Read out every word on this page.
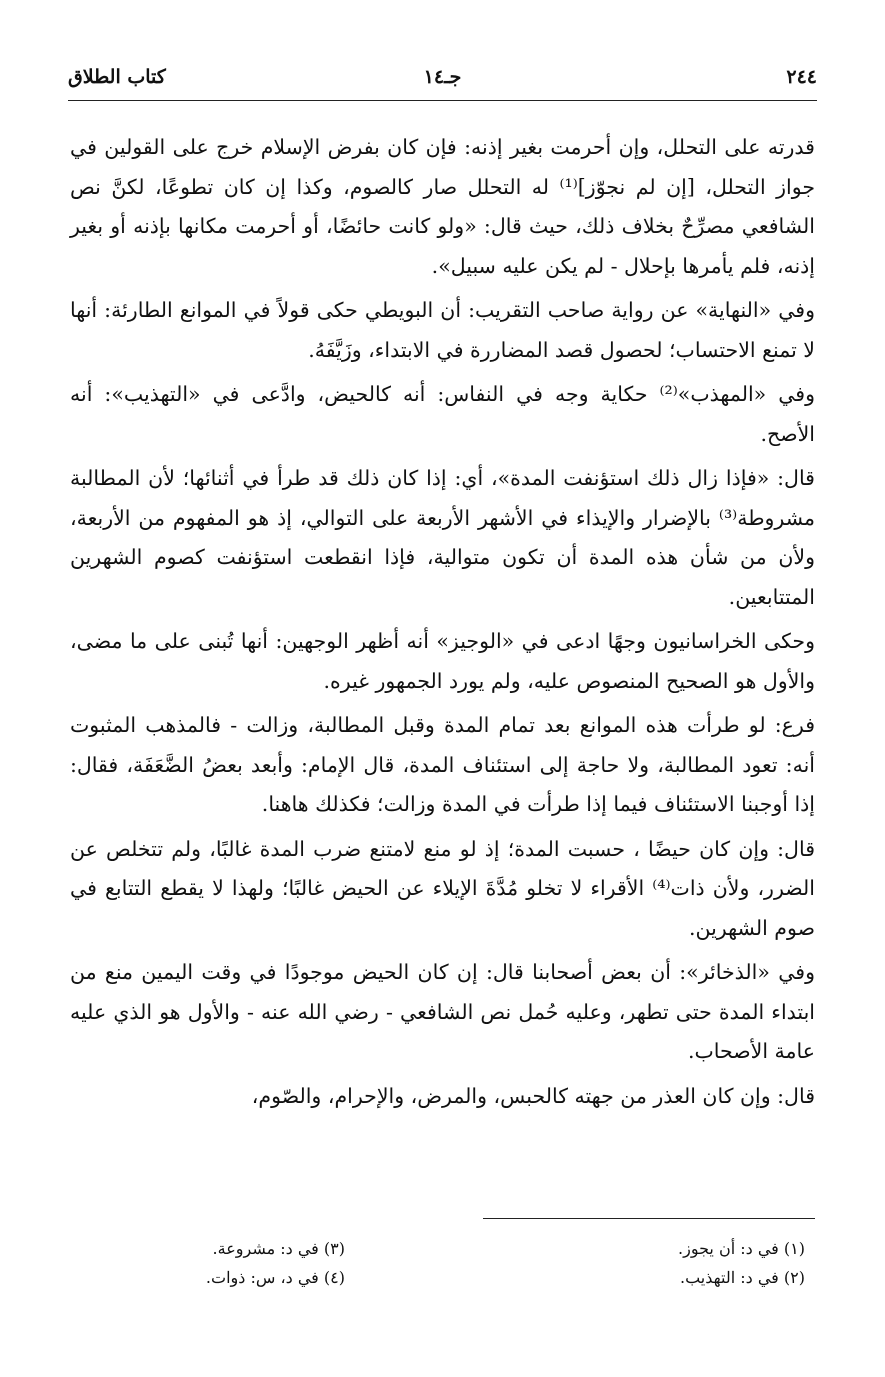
٢٤٤
جـ١٤
كتاب الطلاق

قدرته على التحلل، وإن أحرمت بغير إذنه: فإن كان بفرض الإسلام خرج على القولين في جواز التحلل، [إن لم نجوّز]⁽¹⁾ له التحلل صار كالصوم، وكذا إن كان تطوعًا، لكنَّ نص الشافعي مصرِّحٌ بخلاف ذلك، حيث قال: «ولو كانت حائضًا، أو أحرمت مكانها بإذنه أو بغير إذنه، فلم يأمرها بإحلال - لم يكن عليه سبيل».

وفي «النهاية» عن رواية صاحب التقريب: أن البويطي حكى قولاً في الموانع الطارئة: أنها لا تمنع الاحتساب؛ لحصول قصد المضاررة في الابتداء، وزَيَّفَهُ.

وفي «المهذب»⁽²⁾ حكاية وجه في النفاس: أنه كالحيض، وادَّعى في «التهذيب»: أنه الأصح.

قال: «فإذا زال ذلك استؤنفت المدة»، أي: إذا كان ذلك قد طرأ في أثنائها؛ لأن المطالبة مشروطة⁽³⁾ بالإضرار والإيذاء في الأشهر الأربعة على التوالي، إذ هو المفهوم من الأربعة، ولأن من شأن هذه المدة أن تكون متوالية، فإذا انقطعت استؤنفت كصوم الشهرين المتتابعين.

وحكى الخراسانيون وجهًا ادعى في «الوجيز» أنه أظهر الوجهين: أنها تُبنى على ما مضى، والأول هو الصحيح المنصوص عليه، ولم يورد الجمهور غيره.

فرع: لو طرأت هذه الموانع بعد تمام المدة وقبل المطالبة، وزالت - فالمذهب المثبوت أنه: تعود المطالبة، ولا حاجة إلى استئناف المدة، قال الإمام: وأبعد بعضُ الضَّعَفَة، فقال: إذا أوجبنا الاستئناف فيما إذا طرأت في المدة وزالت؛ فكذلك هاهنا.

قال: وإن كان حيضًا ، حسبت المدة؛ إذ لو منع لامتنع ضرب المدة غالبًا، ولم تتخلص عن الضرر، ولأن ذات⁽⁴⁾ الأقراء لا تخلو مُدَّةَ الإيلاء عن الحيض غالبًا؛ ولهذا لا يقطع التتابع في صوم الشهرين.

وفي «الذخائر»: أن بعض أصحابنا قال: إن كان الحيض موجودًا في وقت اليمين منع من ابتداء المدة حتى تطهر، وعليه حُمل نص الشافعي - رضي الله عنه - والأول هو الذي عليه عامة الأصحاب.

قال: وإن كان العذر من جهته كالحبس، والمرض، والإحرام، والصّوم،

(١) في د: أن يجوز.
(٢) في د: التهذيب.
(٣) في د: مشروعة.
(٤) في د، س: ذوات.
